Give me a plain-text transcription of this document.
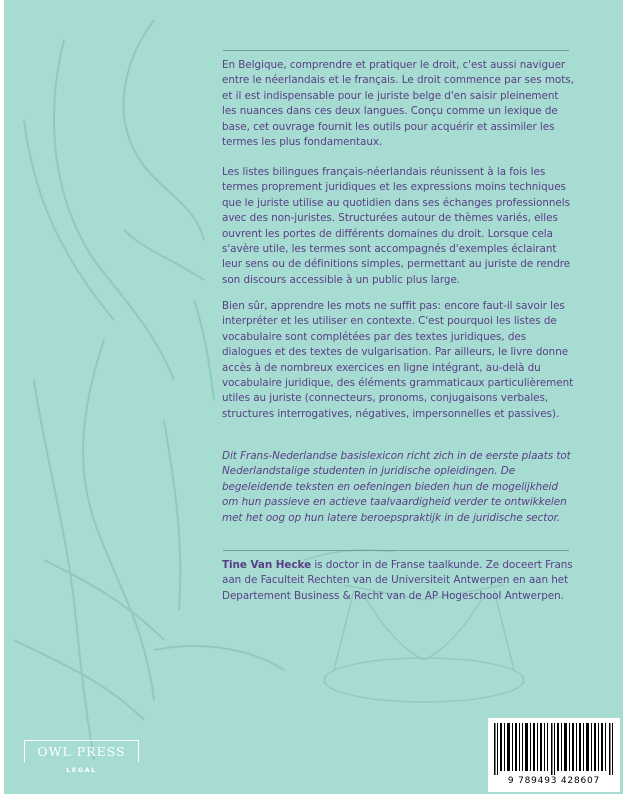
En Belgique, comprendre et pratiquer le droit, c'est aussi naviguer entre le néerlandais et le français. Le droit commence par ses mots, et il est indispensable pour le juriste belge d'en saisir pleinement les nuances dans ces deux langues. Conçu comme un lexique de base, cet ouvrage fournit les outils pour acquérir et assimiler les termes les plus fondamentaux.

Les listes bilingues français-néerlandais réunissent à la fois les termes proprement juridiques et les expressions moins techniques que le juriste utilise au quotidien dans ses échanges professionnels avec des non-juristes. Structurées autour de thèmes variés, elles ouvrent les portes de différents domaines du droit. Lorsque cela s'avère utile, les termes sont accompagnés d'exemples éclairant leur sens ou de définitions simples, permettant au juriste de rendre son discours accessible à un public plus large.

Bien sûr, apprendre les mots ne suffit pas: encore faut-il savoir les interpréter et les utiliser en contexte. C'est pourquoi les listes de vocabulaire sont complétées par des textes juridiques, des dialogues et des textes de vulgarisation. Par ailleurs, le livre donne accès à de nombreux exercices en ligne intégrant, au-delà du vocabulaire juridique, des éléments grammaticaux particulièrement utiles au juriste (connecteurs, pronoms, conjugaisons verbales, structures interrogatives, négatives, impersonnelles et passives).

Dit Frans-Nederlandse basislexicon richt zich in de eerste plaats tot Nederlandstalige studenten in juridische opleidingen. De begeleidende teksten en oefeningen bieden hun de mogelijkheid om hun passieve en actieve taalvaardigheid verder te ontwikkelen met het oog op hun latere beroepspraktijk in de juridische sector.

Tine Van Hecke is doctor in de Franse taalkunde. Ze doceert Frans aan de Faculteit Rechten van de Universiteit Antwerpen en aan het Departement Business & Recht van de AP Hogeschool Antwerpen.

OWL PRESS
LEGAL
9 789493 428607
